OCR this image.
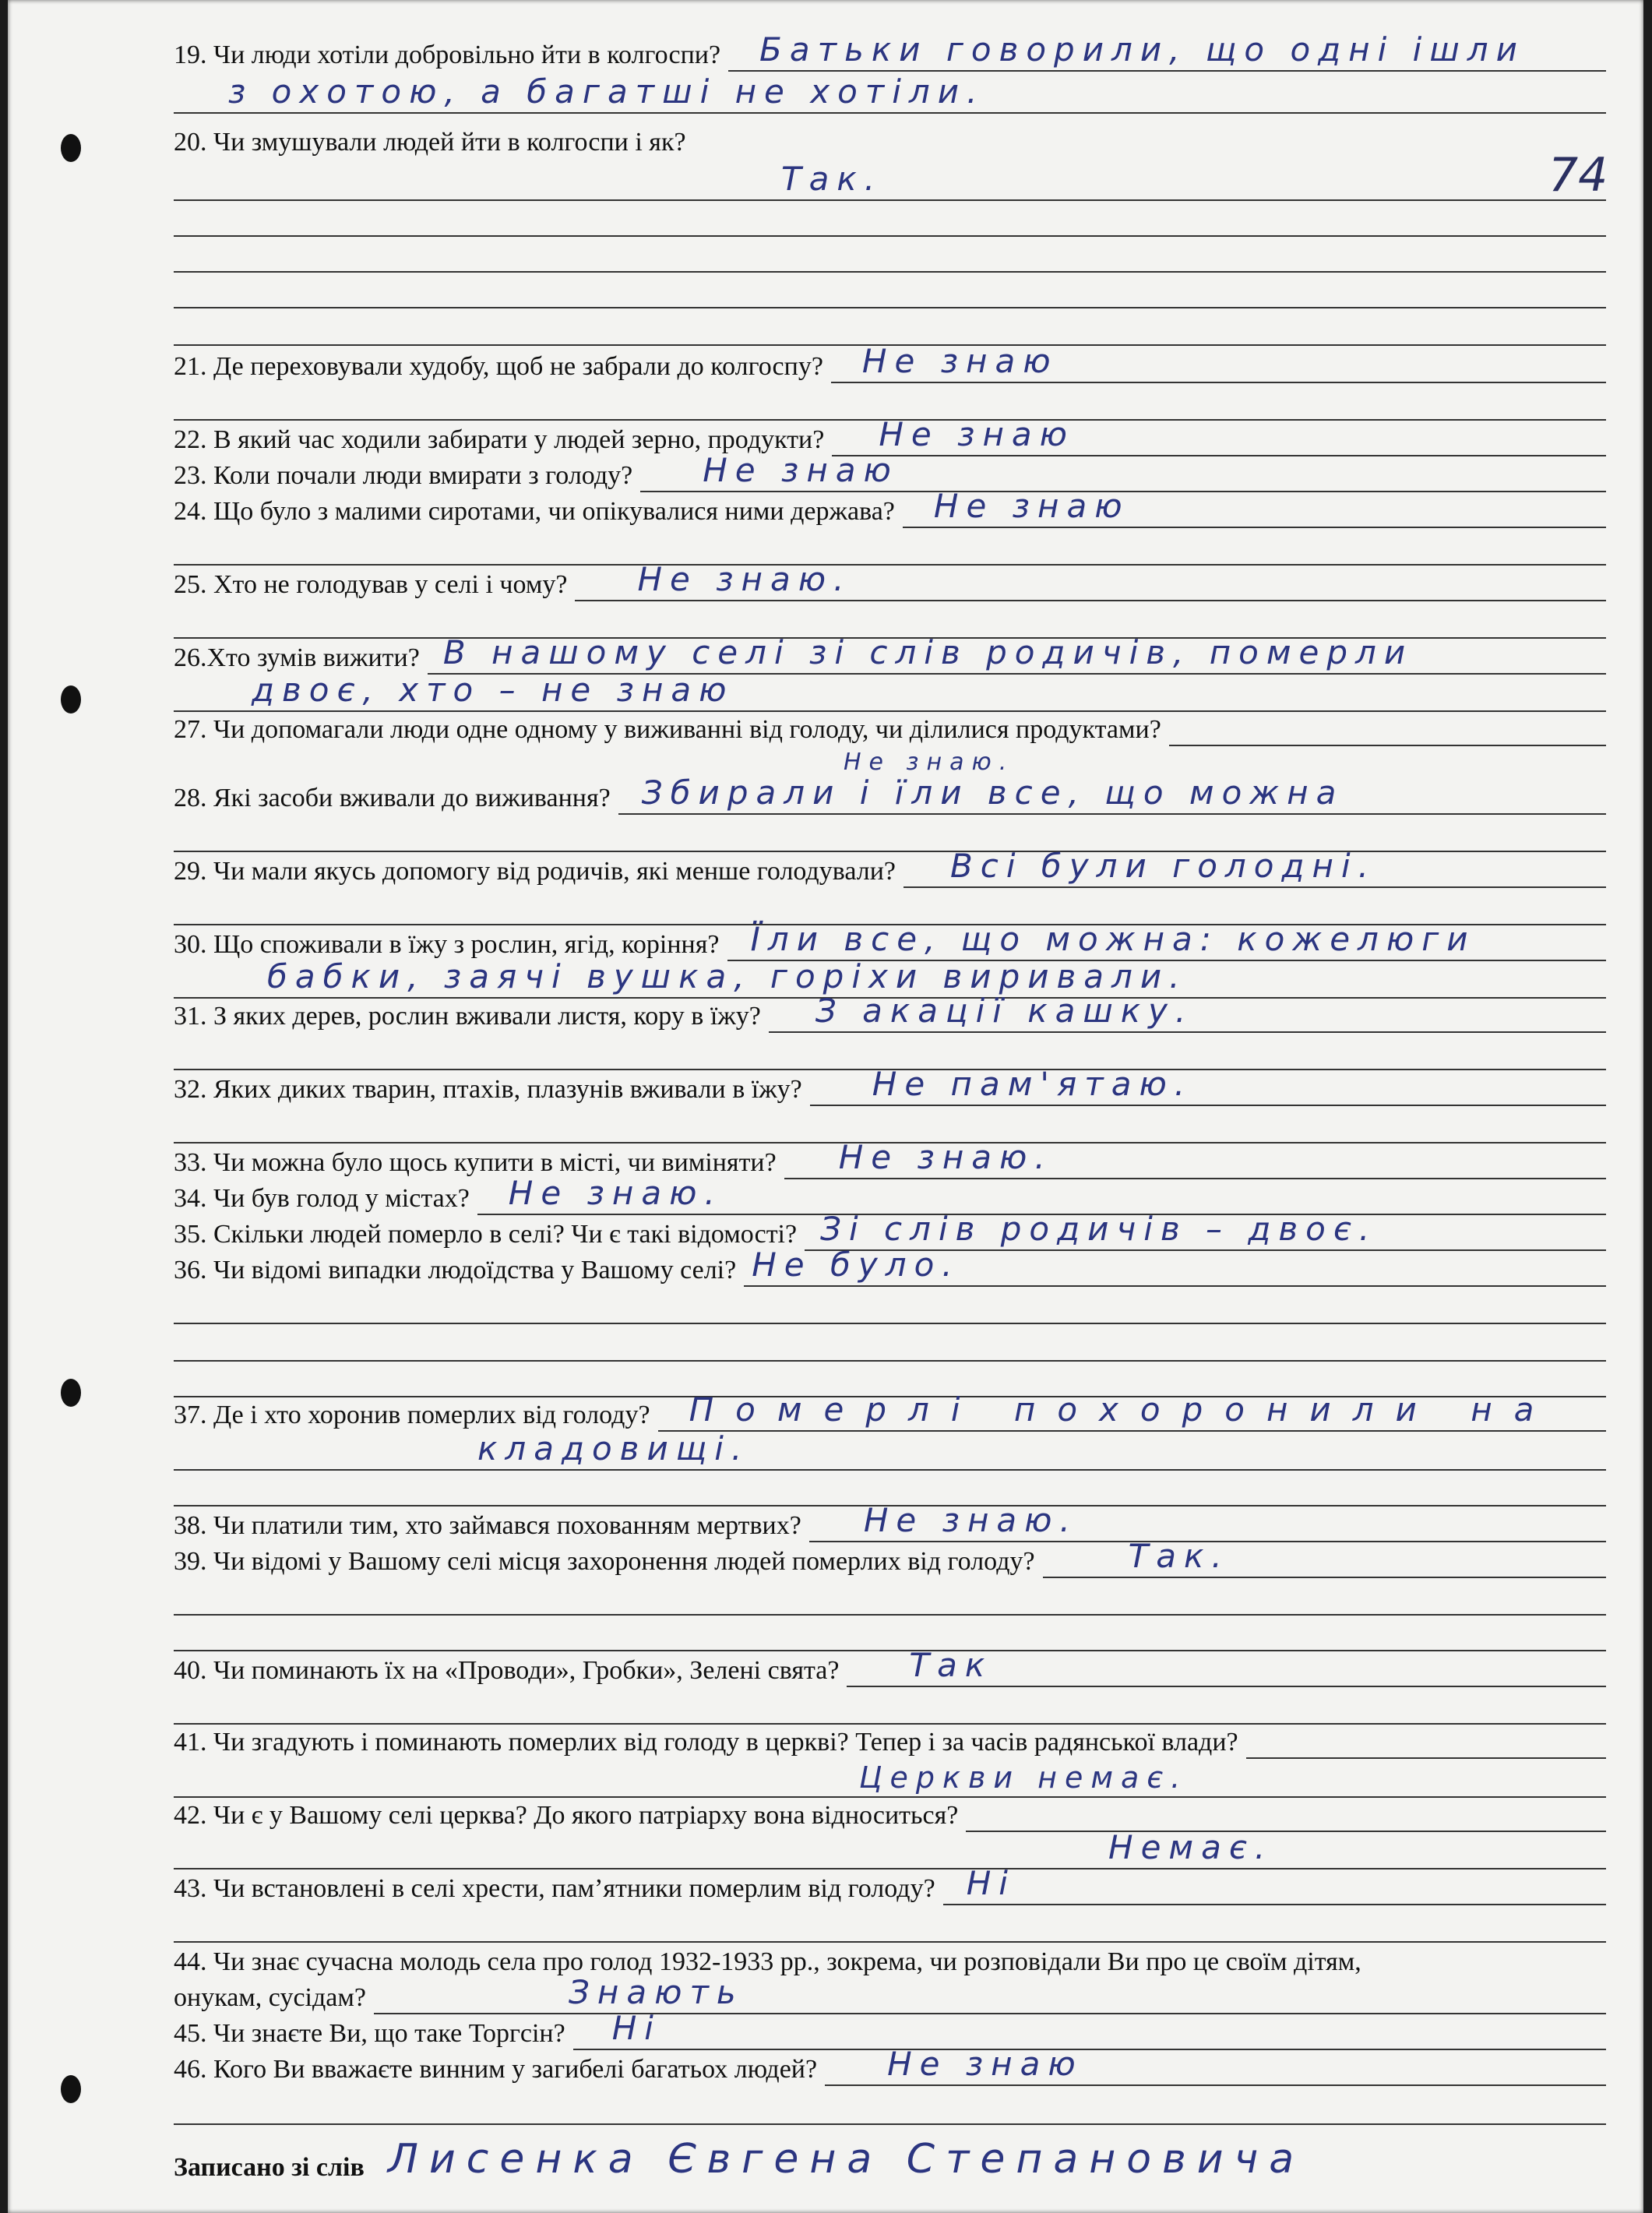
74
19. Чи люди хотіли добровільно йти в колгоспи? Батьки говорили, що одні ішли
з охотою, а багатші не хотіли.
20. Чи змушували людей йти в колгоспи і як?
Так.
21. Де переховували худобу, щоб не забрали до колгоспу? Не знаю
22. В який час ходили забирати у людей зерно, продукти? Не знаю
23. Коли почали люди вмирати з голоду? Не знаю
24. Що було з малими сиротами, чи опікувалися ними держава? Не знаю
25. Хто не голодував у селі і чому? Не знаю.
26.Хто зумів вижити? В нашому селі зі слів родичів, померли
двоє, хто – не знаю
27. Чи допомагали люди одне одному у виживанні від голоду, чи ділилися продуктами?
Не знаю.
28. Які засоби вживали до виживання? Збирали і їли все, що можна
29. Чи мали якусь допомогу від родичів, які менше голодували? Всі були голодні.
30. Що споживали в їжу з рослин, ягід, коріння? Їли все, що можна: кожелюги
бабки, заячі вушка, горіхи виривали.
31. З яких дерев, рослин вживали листя, кору в їжу? З акації кашку.
32. Яких диких тварин, птахів, плазунів вживали в їжу? Не пам'ятаю.
33. Чи можна було щось купити в місті, чи виміняти? Не знаю.
34. Чи був голод у містах? Не знаю.
35. Скільки людей померло в селі? Чи є такі відомості? Зі слів родичів – двоє.
36. Чи відомі випадки людоїдства у Вашому селі? Не було.
37. Де і хто хоронив померлих від голоду? Померлі похоронили на
кладовищі.
38. Чи платили тим, хто займався похованням мертвих? Не знаю.
39. Чи відомі у Вашому селі місця захоронення людей померлих від голоду?	Так.
40. Чи поминають їх на «Проводи», Гробки», Зелені свята? Так
41. Чи згадують і поминають померлих від голоду в церкві? Тепер і за часів радянської влади?
Церкви немає.
42. Чи є у Вашому селі церква? До якого патріарху вона відноситься?
Немає.
43. Чи встановлені в селі хрести, пам’ятники померлим від голоду? Ні
44. Чи знає сучасна молодь села про голод 1932-1933 рр., зокрема, чи розповідали Ви про це своїм дітям,
онукам, сусідам?	Знають
45. Чи знаєте Ви, що таке Торгсін? Ні
46. Кого Ви вважаєте винним у загибелі багатьох людей? Не знаю
Записано зі слів Лисенка Євгена Степановича
